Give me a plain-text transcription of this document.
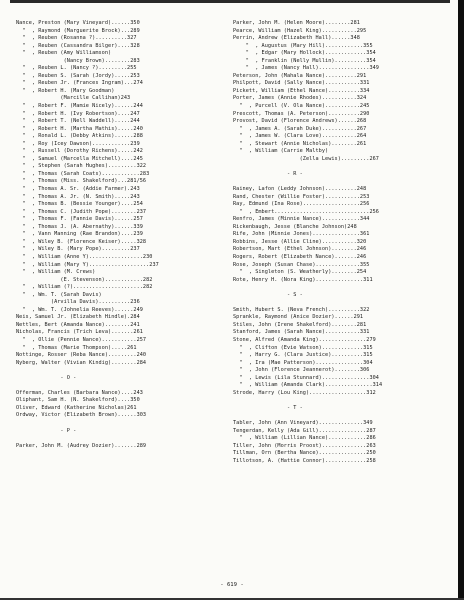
Nance, Preston (Mary Vineyard)......350
"  , Raymond (Marguerite Brock)...289
"  , Reuben (Rosanna ?)..........327
"  , Reuben (Cassandra Bilger)....328
"  , Reuben (Amy Williamson)
(Nancy Brown)........283
"  , Reuben L. (Nancy ?).........255
"  , Reuben S. (Sarah (Jordy).....253
"  , Reuben Jr. (Frances Ingram)...274
"  , Robert H. (Mary Goodman)
(Marcille Callihan)243
"  , Robert F. (Mamie Nicely)......244
"  , Robert H. (Ivy Robertson)....247
"  , Robert T. (Nell Waddell).....244
"  , Robert H. (Martha Mathis).....240
"  , Ronald L. (Debby Atkins)......288
"  , Roy (Icey Dawson)............239
"  , Russell (Dorothy Richens).....242
"  , Samuel (Marcella Mitchell)....245
"  , Stephen (Sarah Hughes).........322
"  , Thomas (Sarah Coats)............283
"  , Thomas (Miss. Shakelford)...281/56
"  , Thomas A. Sr. (Addie Farmer).243
"  , Thomas A. Jr. (N. Smith).....243
"  , Thomas B. (Bessie Younger)....254
"  , Thomas C. (Judith Pope)........237
"  , Thomas F. (Fannie Davis)......257
"  , Thomas J. (A. Abernathy)......339
"  , Vann Manning (Rae Brandon)....239
"  , Wiley B. (Florence Keiser).....328
"  , Wiley B. (Mary Pope).........237
"  , William (Anne Y).................230
"  , William (Mary Y)...................237
"  , William (M. Crews)
(E. Stevenson)............282
"  , William (?)......................282
"  , Wm. T. (Sarah Davis)
(Arvilla Davis)..........236
"  , Wm. T. (Johnelia Reeves)......249
Neis, Samuel Jr. (Elizabeth Hindle).284
Nettles, Bert (Amanda Nance)........241
Nicholas, Francis (Trich Leva).......261
"  , Ollie (Pennie Nance)...........257
"  , Thomas (Marie Thompson).....261
Nottinge, Rosser (Reba Nance).........240
Nyberg, Walter (Vivian Kindig)........284
- O -
Offerman, Charles (Barbara Nance)....243
Oliphant, Sam H. (N. Shakelford)....350
Oliver, Edward (Katherine Nicholas)261
Ordway, Victor (Elizabeth Brown)......303
- P -
Parker, John M. (Audrey Dozier).......289
Parker, John M. (Helen Moore)........281
Pearce, William (Hazel King)...........295
Perrin, Andrew (Elizabeth Hall)......348
"  , Augustus (Mary Hill)............355
"  , Edgar (Mary Hollock).............354
"  , Franklin (Nelly Mullin)..........354
"  , James (Nancy Hall)................349
Peterson, John (Mahala Nance)..........291
Philpott, David (Sally Nance)...........331
Pickett, William (Ethel Nance)..........334
Porter, James (Annie Rhodes)...........324
"  , Purcell (V. Ola Nance)...........245
Prescott, Thomas (A. Peterson)..........290
Provost, David (Florence Andrews)......268
"  , James A. (Sarah Duke)...........267
"  , James W. (Clara Love)...........264
"  , Stewart (Annie Nicholas)........261
"  , William (Carrie Maltby)
(Zella Lewis).........267
- R -
Rainey, Lafon (Leddy Johnson)..........248
Rand, Chester (Willie Foster)...........253
Ray, Edmund (Ina Rose)..................256
"  , Embert..............................256
Renfro, James (Minnie Nance)............344
Rickenbaugh, Jesse (Blanche Johnson)248
Rife, John (Minnie Jones)...............361
Robbins, Jesse (Allie Cline)...........320
Robertson, Mart (Ethel Johnson)........246
Rogers, Robert (Elizabeth Nance).......246
Rose, Joseph (Susan Chase)..............355
"  , Singleton (S. Weatherly)........254
Rote, Henry H. (Nora King)...............311
- S -
Smith, Hubert S. (Neva French)..........322
Sprankle, Raymond (Anice Dozier)......291
Stiles, John (Irene Shakelford)........281
Stanford, James (Sarah Nance)...........331
Stone, Alfred (Amanda King)...............279
"  , Clifton (Evie Watson).............315
"  , Harry G. (Clara Justice)..........315
"  , Ira (Mae Patterson)...............304
"  , John (Florence Jeannerot)........306
"  , Lewis (Lila Stunnard)...............304
"  , William (Amanda Clark)...............314
Strode, Harry (Lou King)..................312
- T -
Tabler, John (Ann Vineyard)..............349
Tengerdan, Kelly (Ada Gill)...............287
"  , William (Lillian Nance)............286
Tiller, John (Morris Proost)..............263
Tillman, Orn (Bertha Nance)...............250
Tillotson, A. (Hattie Connor).............258
- 619 -
